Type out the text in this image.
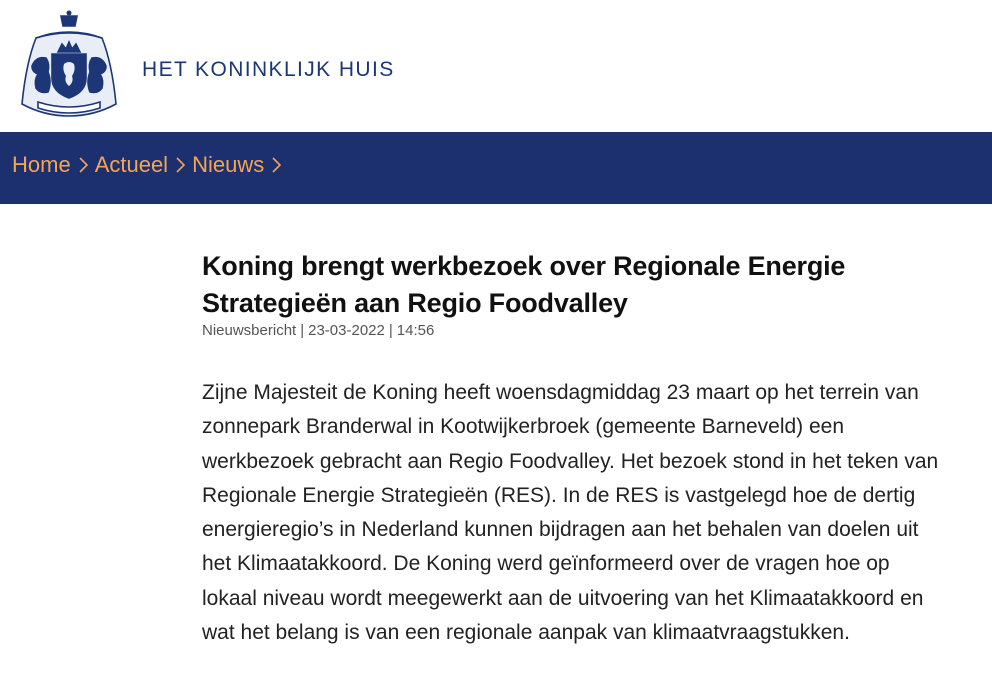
HET KONINKLIJK HUIS
Home Actueel Nieuws
Koning brengt werkbezoek over Regionale Energie Strategieën aan Regio Foodvalley
Nieuwsbericht | 23-03-2022 | 14:56

Zijne Majesteit de Koning heeft woensdagmiddag 23 maart op het terrein van zonnepark Branderwal in Kootwijkerbroek (gemeente Barneveld) een werkbezoek gebracht aan Regio Foodvalley. Het bezoek stond in het teken van Regionale Energie Strategieën (RES). In de RES is vastgelegd hoe de dertig energieregio’s in Nederland kunnen bijdragen aan het behalen van doelen uit het Klimaatakkoord. De Koning werd geïnformeerd over de vragen hoe op lokaal niveau wordt meegewerkt aan de uitvoering van het Klimaatakkoord en wat het belang is van een regionale aanpak van klimaatvraagstukken.
